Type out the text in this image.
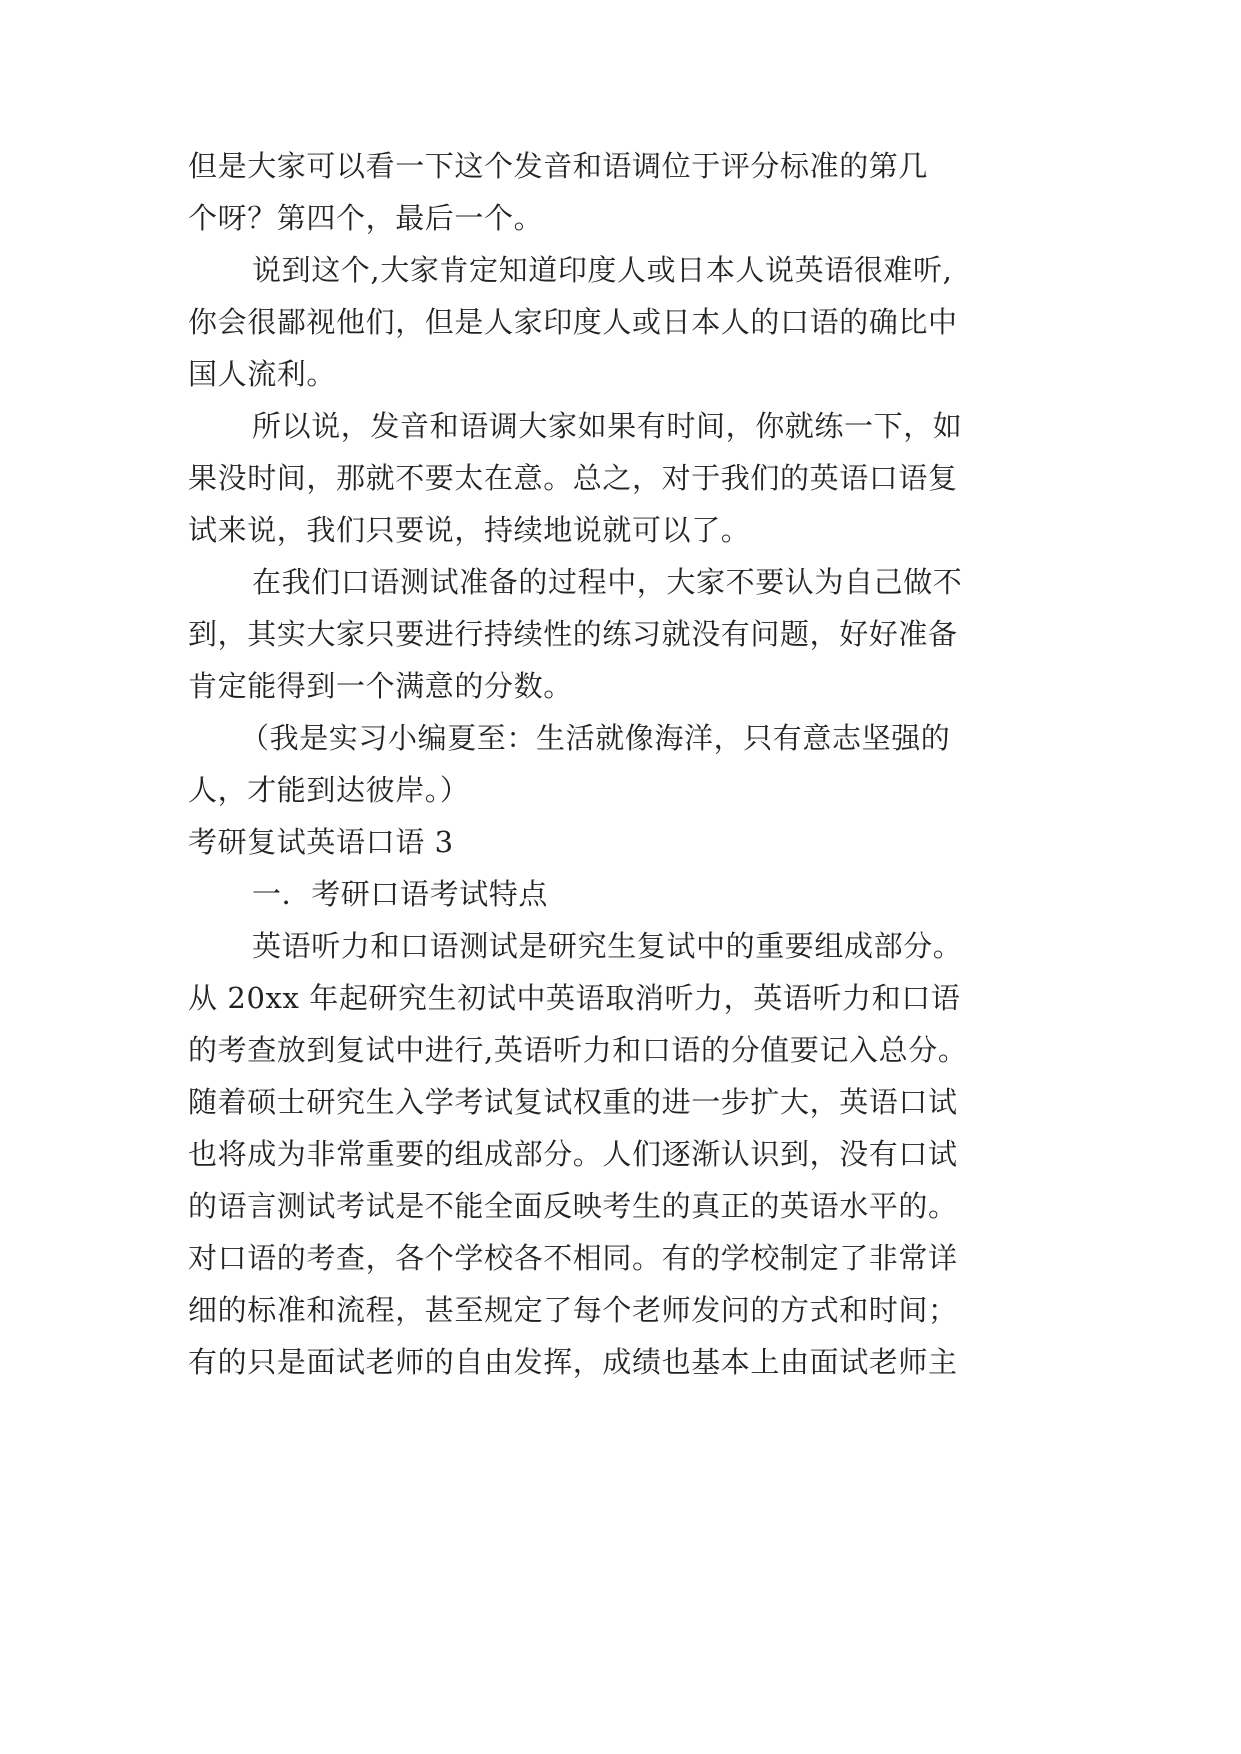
但是大家可以看一下这个发音和语调位于评分标准的第几
个呀？第四个，最后一个。
说到这个,大家肯定知道印度人或日本人说英语很难听,
你会很鄙视他们，但是人家印度人或日本人的口语的确比中
国人流利。
所以说，发音和语调大家如果有时间，你就练一下，如
果没时间，那就不要太在意。总之，对于我们的英语口语复
试来说，我们只要说，持续地说就可以了。
在我们口语测试准备的过程中，大家不要认为自己做不
到，其实大家只要进行持续性的练习就没有问题，好好准备
肯定能得到一个满意的分数。
（我是实习小编夏至：生活就像海洋，只有意志坚强的
人，才能到达彼岸。）
考研复试英语口语 3
一．考研口语考试特点
英语听力和口语测试是研究生复试中的重要组成部分。
从 20xx 年起研究生初试中英语取消听力，英语听力和口语
的考查放到复试中进行,英语听力和口语的分值要记入总分。
随着硕士研究生入学考试复试权重的进一步扩大，英语口试
也将成为非常重要的组成部分。人们逐渐认识到，没有口试
的语言测试考试是不能全面反映考生的真正的英语水平的。
对口语的考查，各个学校各不相同。有的学校制定了非常详
细的标准和流程，甚至规定了每个老师发问的方式和时间；
有的只是面试老师的自由发挥，成绩也基本上由面试老师主
